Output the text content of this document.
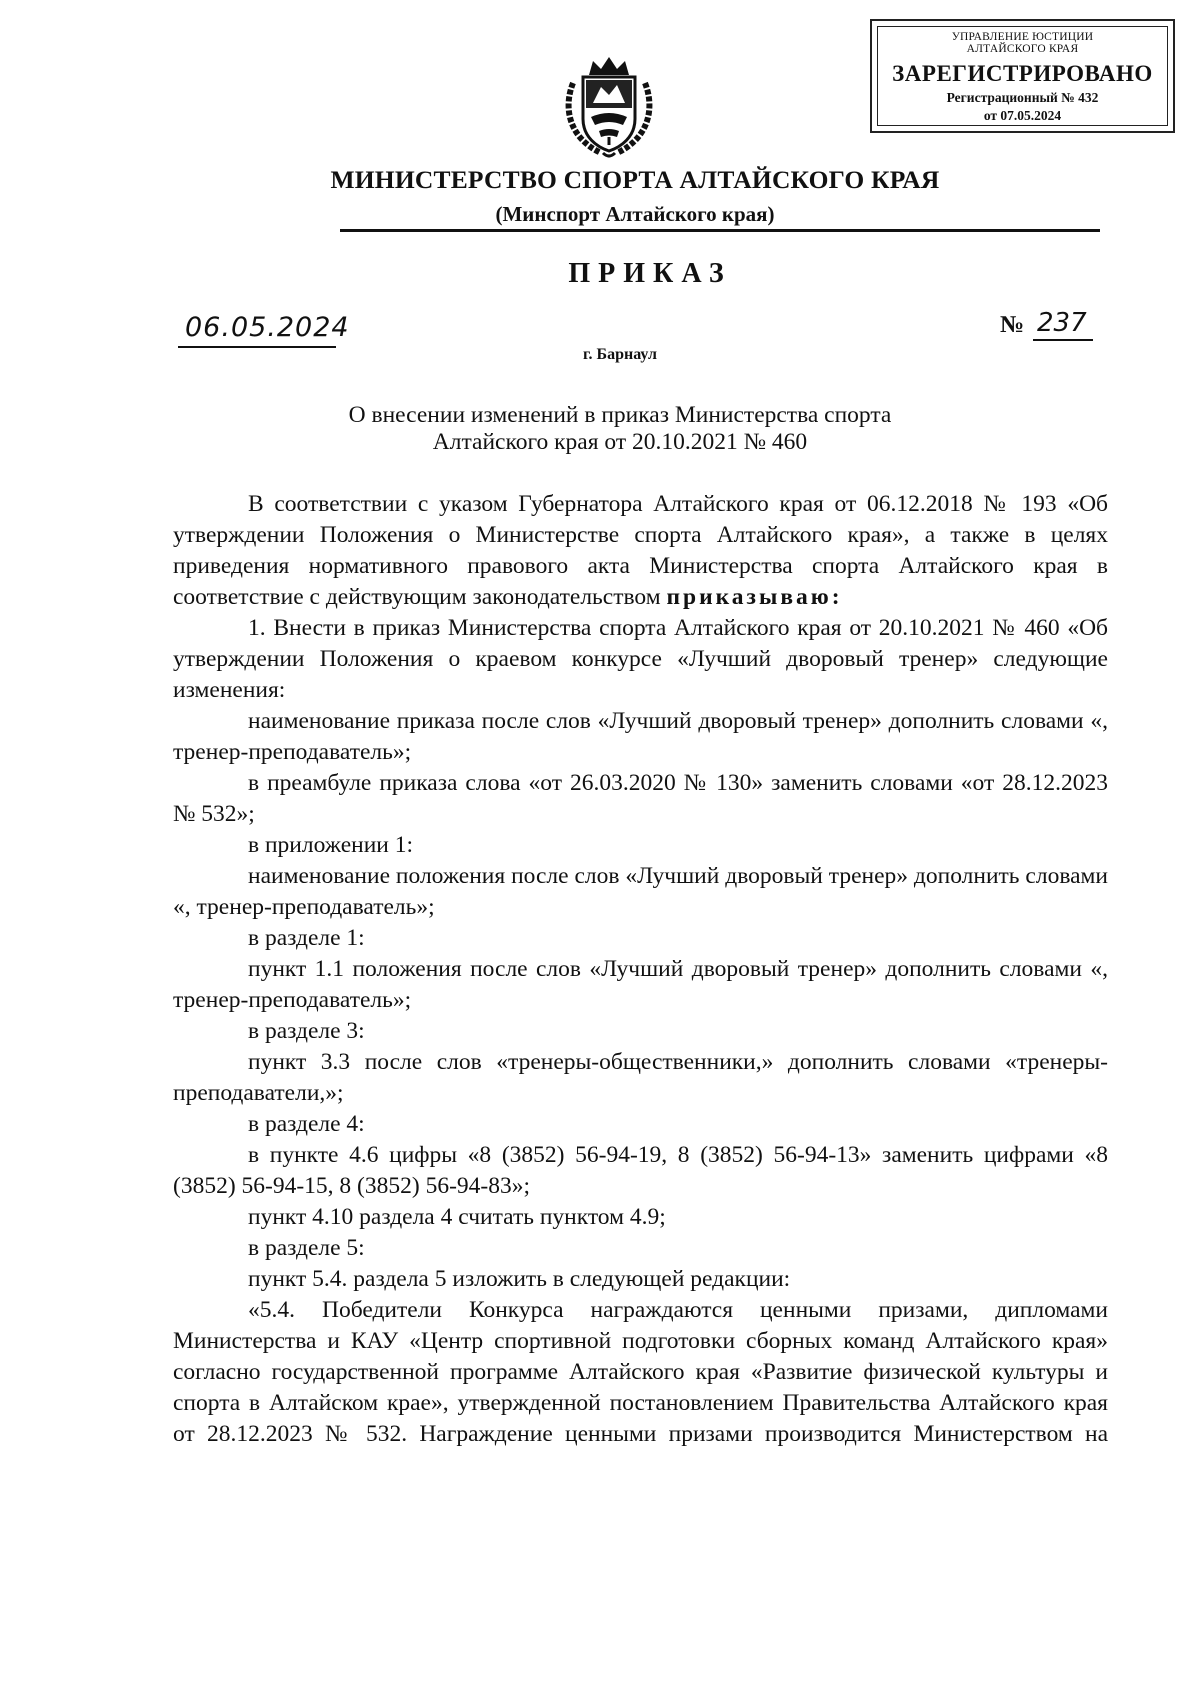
УПРАВЛЕНИЕ ЮСТИЦИИ
АЛТАЙСКОГО КРАЯ
ЗАРЕГИСТРИРОВАНО
Регистрационный № 432
от 07.05.2024
МИНИСТЕРСТВО СПОРТА АЛТАЙСКОГО КРАЯ
(Минспорт Алтайского края)
ПРИКАЗ
06.05.2024	№ 237
г. Барнаул
О внесении изменений в приказ Министерства спорта
Алтайского края от 20.10.2021 № 460

В соответствии с указом Губернатора Алтайского края от 06.12.2018 № 193 «Об утверждении Положения о Министерстве спорта Алтайского края», а также в целях приведения нормативного правового акта Министерства спорта Алтайского края в соответствие с действующим законодательством приказываю:

1. Внести в приказ Министерства спорта Алтайского края от 20.10.2021 № 460 «Об утверждении Положения о краевом конкурсе «Лучший дворовый тренер» следующие изменения:

наименование приказа после слов «Лучший дворовый тренер» дополнить словами «, тренер-преподаватель»;

в преамбуле приказа слова «от 26.03.2020 № 130» заменить словами «от 28.12.2023 № 532»;

в приложении 1:

наименование положения после слов «Лучший дворовый тренер» дополнить словами «, тренер-преподаватель»;

в разделе 1:

пункт 1.1 положения после слов «Лучший дворовый тренер» дополнить словами «, тренер-преподаватель»;

в разделе 3:

пункт 3.3 после слов «тренеры-общественники,» дополнить словами «тренеры-преподаватели,»;

в разделе 4:

в пункте 4.6 цифры «8 (3852) 56-94-19, 8 (3852) 56-94-13» заменить цифрами «8 (3852) 56-94-15, 8 (3852) 56-94-83»;

пункт 4.10 раздела 4 считать пунктом 4.9;

в разделе 5:

пункт 5.4. раздела 5 изложить в следующей редакции:

«5.4. Победители Конкурса награждаются ценными призами, дипломами Министерства и КАУ «Центр спортивной подготовки сборных команд Алтайского края» согласно государственной программе Алтайского края «Развитие физической культуры и спорта в Алтайском крае», утвержденной постановлением Правительства Алтайского края от 28.12.2023 № 532. Награждение ценными призами производится Министерством на
